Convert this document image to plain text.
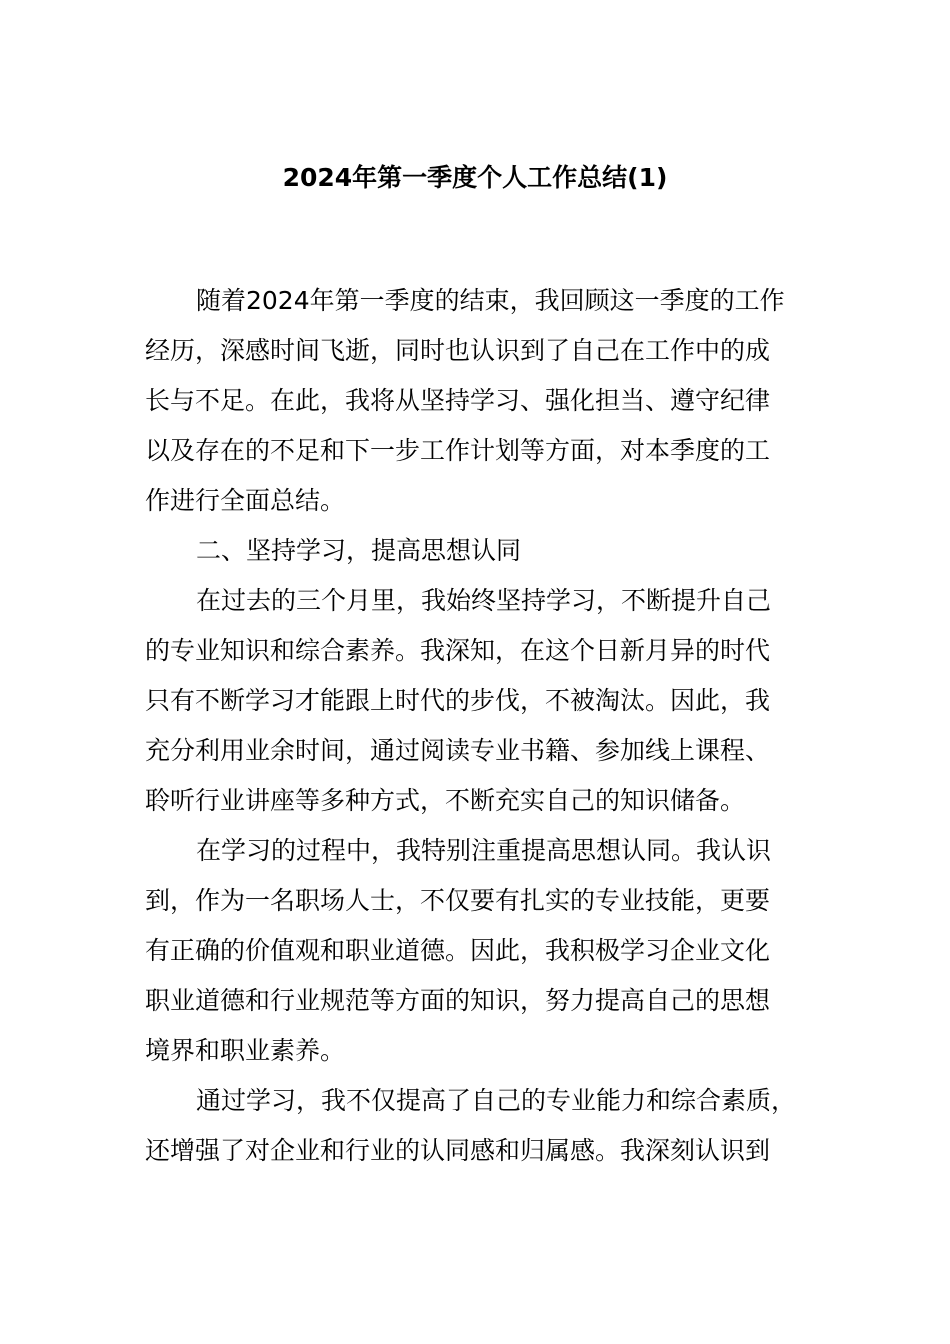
2024年第一季度个人工作总结(1)
随着2024年第一季度的结束，我回顾这一季度的工作
经历，深感时间飞逝，同时也认识到了自己在工作中的成
长与不足。在此，我将从坚持学习、强化担当、遵守纪律
以及存在的不足和下一步工作计划等方面，对本季度的工
作进行全面总结。
二、坚持学习，提高思想认同
在过去的三个月里，我始终坚持学习，不断提升自己
的专业知识和综合素养。我深知，在这个日新月异的时代
只有不断学习才能跟上时代的步伐，不被淘汰。因此，我
充分利用业余时间，通过阅读专业书籍、参加线上课程、
聆听行业讲座等多种方式，不断充实自己的知识储备。
在学习的过程中，我特别注重提高思想认同。我认识
到，作为一名职场人士，不仅要有扎实的专业技能，更要
有正确的价值观和职业道德。因此，我积极学习企业文化
职业道德和行业规范等方面的知识，努力提高自己的思想
境界和职业素养。
通过学习，我不仅提高了自己的专业能力和综合素质，
还增强了对企业和行业的认同感和归属感。我深刻认识到
